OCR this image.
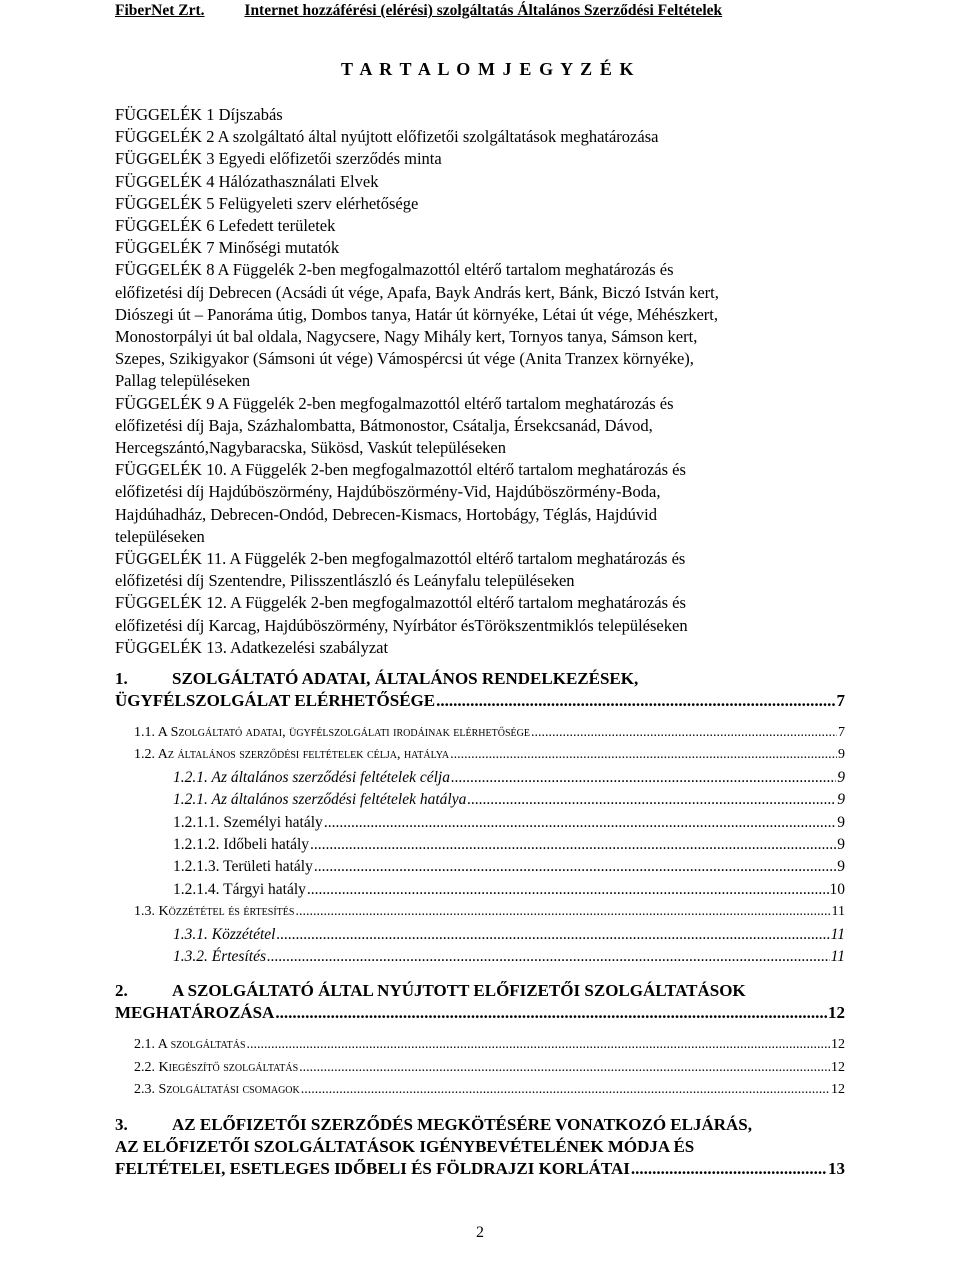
FiberNet Zrt.	Internet hozzáférési (elérési) szolgáltatás Általános Szerződési Feltételek
T A R T A L O M J E G Y Z É K

FÜGGELÉK 1 Díjszabás

FÜGGELÉK 2 A szolgáltató által nyújtott előfizetői szolgáltatások meghatározása

FÜGGELÉK 3 Egyedi előfizetői szerződés minta

FÜGGELÉK 4 Hálózathasználati Elvek

FÜGGELÉK 5 Felügyeleti szerv elérhetősége

FÜGGELÉK 6 Lefedett területek

FÜGGELÉK 7 Minőségi mutatók

FÜGGELÉK 8 A Függelék 2-ben megfogalmazottól eltérő tartalom meghatározás és

előfizetési díj Debrecen (Acsádi út vége, Apafa, Bayk András kert, Bánk, Biczó István kert,

Diószegi út – Panoráma útig, Dombos tanya, Határ út környéke, Létai út vége, Méhészkert,

Monostorpályi út bal oldala, Nagycsere, Nagy Mihály kert, Tornyos tanya, Sámson kert,

Szepes, Szikigyakor (Sámsoni út vége) Vámospércsi út vége (Anita Tranzex környéke),

Pallag településeken

FÜGGELÉK 9 A Függelék 2-ben megfogalmazottól eltérő tartalom meghatározás és

előfizetési díj Baja, Százhalombatta, Bátmonostor, Csátalja, Érsekcsanád, Dávod,

Hercegszántó,Nagybaracska, Sükösd, Vaskút településeken

FÜGGELÉK 10. A Függelék 2-ben megfogalmazottól eltérő tartalom meghatározás és

előfizetési díj Hajdúböszörmény, Hajdúböszörmény-Vid, Hajdúböszörmény-Boda,

Hajdúhadház, Debrecen-Ondód, Debrecen-Kismacs, Hortobágy, Téglás, Hajdúvid

településeken

FÜGGELÉK 11. A Függelék 2-ben megfogalmazottól eltérő tartalom meghatározás és

előfizetési díj Szentendre, Pilisszentlászló és Leányfalu településeken

FÜGGELÉK 12. A Függelék 2-ben megfogalmazottól eltérő tartalom meghatározás és

előfizetési díj Karcag, Hajdúböszörmény, Nyírbátor ésTörökszentmiklós településeken

FÜGGELÉK 13. Adatkezelési szabályzat

1.	SZOLGÁLTATÓ ADATAI, ÁLTALÁNOS RENDELKEZÉSEK,
ÜGYFÉLSZOLGÁLAT ELÉRHETŐSÉGE .....	7
1.1. A Szolgáltató adatai, ügyfélszolgálati irodáinak elérhetősége .....	7
1.2. Az általános szerződési feltételek célja, hatálya .....	9
1.2.1. Az általános szerződési feltételek célja .....	9
1.2.1. Az általános szerződési feltételek hatálya .....	9
1.2.1.1. Személyi hatály .....	9
1.2.1.2. Időbeli hatály .....	9
1.2.1.3. Területi hatály .....	9
1.2.1.4. Tárgyi hatály .....	10
1.3. Közzététel és értesítés .....	11
1.3.1. Közzététel .....	11
1.3.2. Értesítés .....	11
2.	A SZOLGÁLTATÓ ÁLTAL NYÚJTOTT ELŐFIZETŐI SZOLGÁLTATÁSOK
MEGHATÁROZÁSA .....	12
2.1. A szolgáltatás .....	12
2.2. Kiegészítő szolgáltatás .....	12
2.3. Szolgáltatási csomagok .....	12
3.	AZ ELŐFIZETŐI SZERZŐDÉS MEGKÖTÉSÉRE VONATKOZÓ ELJÁRÁS,
AZ ELŐFIZETŐI SZOLGÁLTATÁSOK IGÉNYBEVÉTELÉNEK MÓDJA ÉS
FELTÉTELEI, ESETLEGES IDŐBELI ÉS FÖLDRAJZI KORLÁTAI .....	13
2
